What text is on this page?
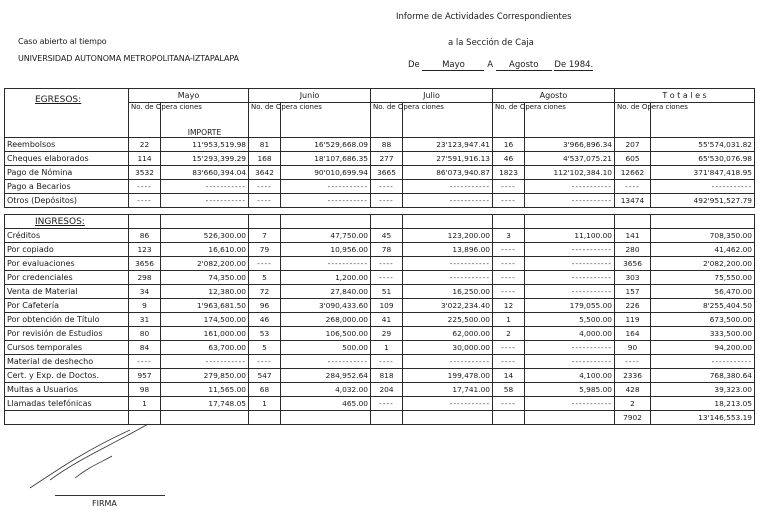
Caso abierto al tiempo
UNIVERSIDAD AUTONOMA METROPOLITANA-IZTAPALAPA
Informe de Actividades Correspondientes
a la Sección de Caja
De	Mayo	A Agosto De 1984.
EGRESOS:	Mayo		Junio		Julio		Agosto		T o t a l e s	
	No. de Opera ciones	IMPORTE	No. de Opera ciones		No. de Opera ciones		No. de Opera ciones		No. de Opera ciones	
Reembolsos	22	11'953,519.98	81	16'529,668.09	88	23'123,947.41	16	3'966,896.34	207	55'574,031.82
Cheques elaborados	114	15'293,399.29	168	18'107,686.35	277	27'591,916.13	46	4'537,075.21	605	65'530,076.98
Pago de Nómina	3532	83'660,394.04	3642	90'010,699.94	3665	86'073,940.87	1823	112'102,384.10	12662	371'847,418.95
Pago a Becarios	----	-----------	----	-----------	----	-----------	----	-----------	----	-----------
Otros (Depósitos)	----	-----------	----	-----------	----	-----------	----	-----------	13474	492'951,527.79

INGRESOS:										
Créditos	86	526,300.00	7	47,750.00	45	123,200.00	3	11,100.00	141	708,350.00
Por copiado	123	16,610.00	79	10,956.00	78	13,896.00	----	-----------	280	41,462.00
Por evaluaciones	3656	2'082,200.00	----	-----------	----	-----------	----	-----------	3656	2'082,200.00
Por credenciales	298	74,350.00	5	1,200.00	----	-----------	----	-----------	303	75,550.00
Venta de Material	34	12,380.00	72	27,840.00	51	16,250.00	----	-----------	157	56,470.00
Por Cafetería	9	1'963,681.50	96	3'090,433.60	109	3'022,234.40	12	179,055.00	226	8'255,404.50
Por obtención de Título	31	174,500.00	46	268,000.00	41	225,500.00	1	5,500.00	119	673,500.00
Por revisión de Estudios	80	161,000.00	53	106,500.00	29	62,000.00	2	4,000.00	164	333,500.00
Cursos temporales	84	63,700.00	5	500.00	1	30,000.00	----	-----------	90	94,200.00
Material de deshecho	----	-----------	----	-----------	----	-----------	----	-----------	----	-----------
Cert. y Exp. de Doctos.	957	279,850.00	547	284,952.64	818	199,478.00	14	4,100.00	2336	768,380.64
Multas a Usuarios	98	11,565.00	68	4,032.00	204	17,741.00	58	5,985.00	428	39,323.00
Llamadas telefónicas	1	17,748.05	1	465.00	----	-----------	----	-----------	2	18,213.05
									7902	13'146,553.19
FIRMA
